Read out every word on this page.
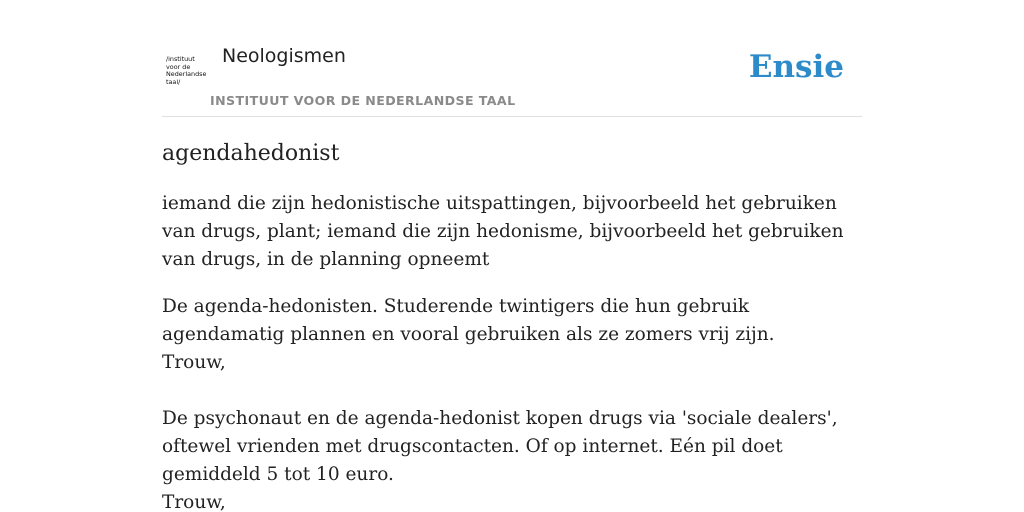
/instituut
voor de
Nederlandse
taal/
Neologismen
INSTITUUT VOOR DE NEDERLANDSE TAAL
Ensie
agendahedonist

iemand die zijn hedonistische uitspattingen, bijvoorbeeld het gebruiken van drugs, plant; iemand die zijn hedonisme, bijvoorbeeld het gebruiken van drugs, in de planning opneemt

De agenda-hedonisten. Studerende twintigers die hun gebruik agendamatig plannen en vooral gebruiken als ze zomers vrij zijn.
Trouw,
De psychonaut en de agenda-hedonist kopen drugs via 'sociale dealers', oftewel vrienden met drugscontacten. Of op internet. Eén pil doet gemiddeld 5 tot 10 euro.
Trouw,
